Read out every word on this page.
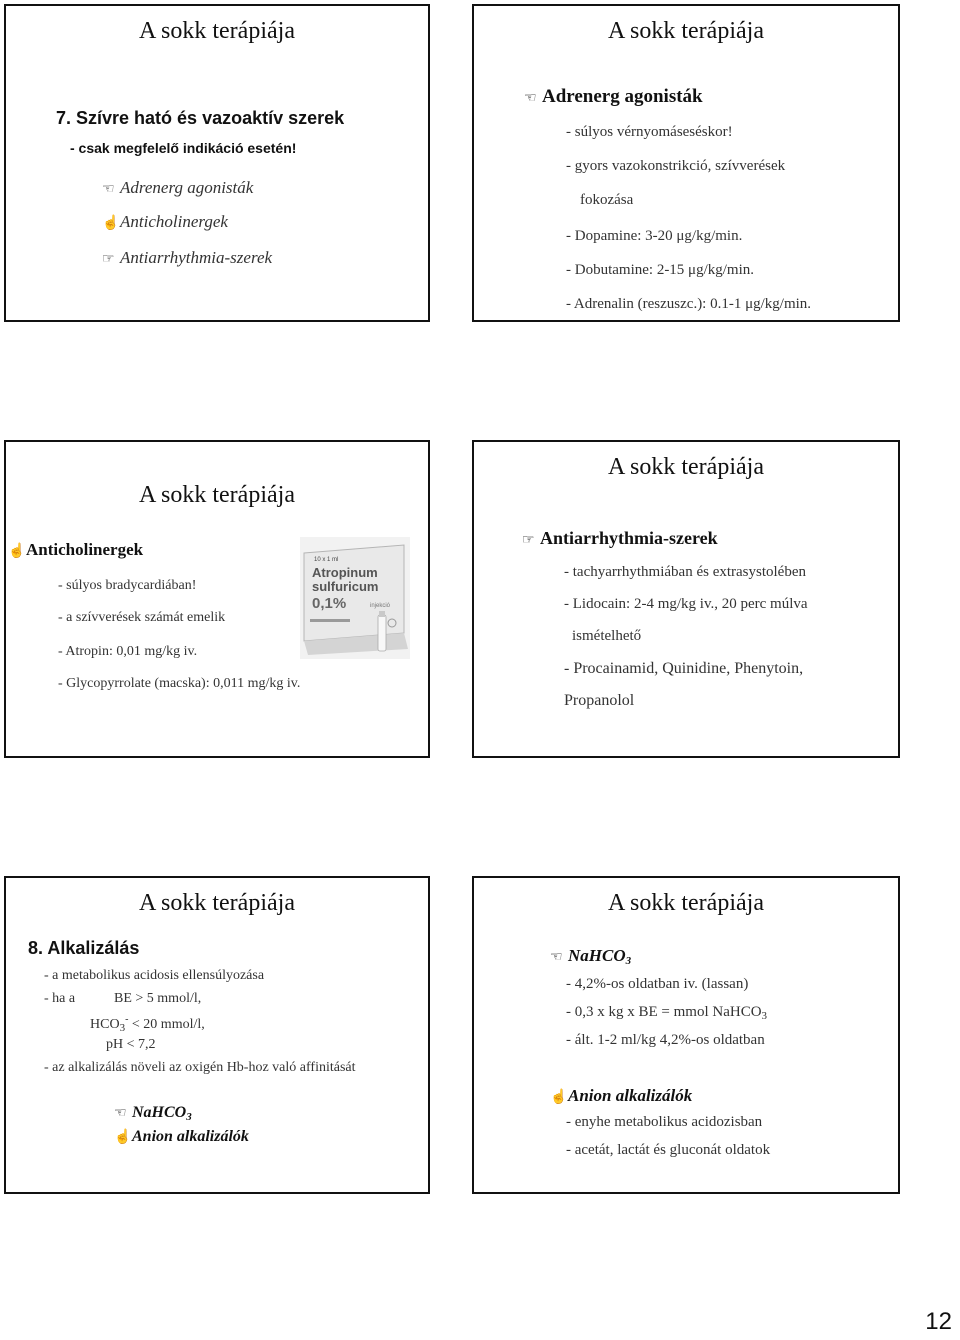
A sokk terápiája
7. Szívre ható és vazoaktív szerek
- csak megfelelő indikáció esetén!
☜ Adrenerg agonisták
☝Anticholinergek
☞ Antiarrhythmia-szerek
A sokk terápiája
☜ Adrenerg agonisták
- súlyos vérnyomáseséskor!
- gyors vazokonstrikció, szívverések
fokozása
- Dopamine: 3-20 μg/kg/min.
- Dobutamine: 2-15 μg/kg/min.
- Adrenalin (reszuszc.): 0.1-1 μg/kg/min.
A sokk terápiája
☝Anticholinergek
- súlyos bradycardiában!
- a szívverések számát emelik
- Atropin: 0,01 mg/kg iv.
- Glycopyrrolate (macska): 0,011 mg/kg iv.
10 x 1 ml
Atropinum
sulfuricum
0,1%	injekció
A sokk terápiája
☞ Antiarrhythmia-szerek
- tachyarrhythmiában és extrasystolében
- Lidocain: 2-4 mg/kg iv., 20 perc múlva
ismételhető
- Procainamid, Quinidine, Phenytoin,
Propanolol
A sokk terápiája
8. Alkalizálás
- a metabolikus acidosis ellensúlyozása
- ha a	BE > 5 mmol/l,
$HCO_3^- < 20$ mmol/l,
pH < 7,2
- az alkalizálás növeli az oxigén Hb-hoz való affinitását
☜ NaHCO$_3$
☝Anion alkalizálók
A sokk terápiája
☜ NaHCO$_3$
- 4,2%-os oldatban iv. (lassan)
- 0,3 x kg x BE = mmol NaHCO$_3$
- ált. 1-2 ml/kg 4,2%-os oldatban
☝Anion alkalizálók
- enyhe metabolikus acidozisban
- acetát, lactát és gluconát oldatok
12
